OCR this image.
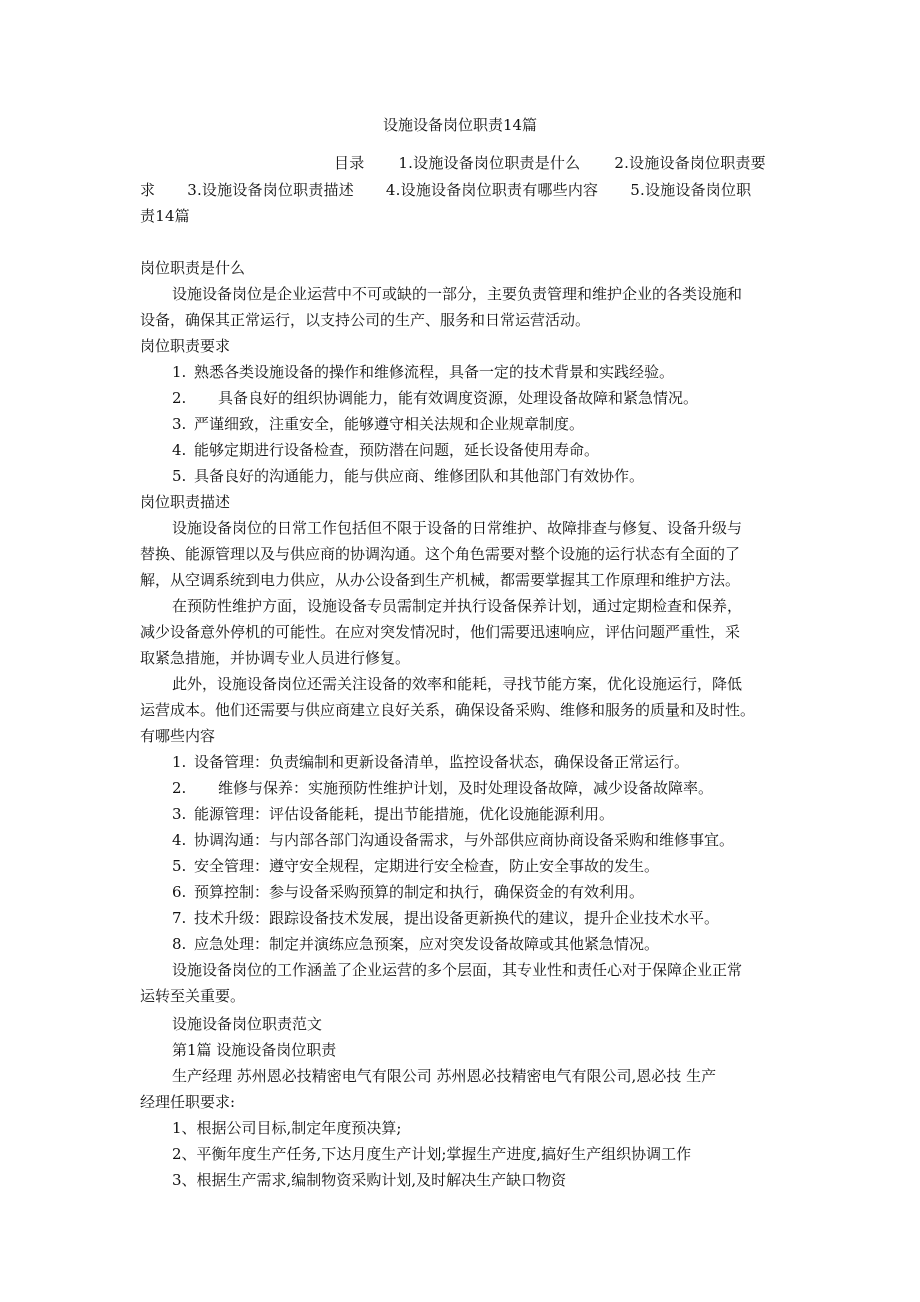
设施设备岗位职责14篇
目录 1.设施设备岗位职责是什么 2.设施设备岗位职责要
求 3.设施设备岗位职责描述 4.设施设备岗位职责有哪些内容 5.设施设备岗位职
责14篇
岗位职责是什么
设施设备岗位是企业运营中不可或缺的一部分，主要负责管理和维护企业的各类设施和
设备，确保其正常运行，以支持公司的生产、服务和日常运营活动。
岗位职责要求
1. 熟悉各类设施设备的操作和维修流程，具备一定的技术背景和实践经验。
2. 具备良好的组织协调能力，能有效调度资源，处理设备故障和紧急情况。
3. 严谨细致，注重安全，能够遵守相关法规和企业规章制度。
4. 能够定期进行设备检查，预防潜在问题，延长设备使用寿命。
5. 具备良好的沟通能力，能与供应商、维修团队和其他部门有效协作。
岗位职责描述
设施设备岗位的日常工作包括但不限于设备的日常维护、故障排查与修复、设备升级与
替换、能源管理以及与供应商的协调沟通。这个角色需要对整个设施的运行状态有全面的了
解，从空调系统到电力供应，从办公设备到生产机械，都需要掌握其工作原理和维护方法。
在预防性维护方面，设施设备专员需制定并执行设备保养计划，通过定期检查和保养，
减少设备意外停机的可能性。在应对突发情况时，他们需要迅速响应，评估问题严重性，采
取紧急措施，并协调专业人员进行修复。
此外，设施设备岗位还需关注设备的效率和能耗，寻找节能方案，优化设施运行，降低
运营成本。他们还需要与供应商建立良好关系，确保设备采购、维修和服务的质量和及时性。
有哪些内容
1. 设备管理：负责编制和更新设备清单，监控设备状态，确保设备正常运行。
2. 维修与保养：实施预防性维护计划，及时处理设备故障，减少设备故障率。
3. 能源管理：评估设备能耗，提出节能措施，优化设施能源利用。
4. 协调沟通：与内部各部门沟通设备需求，与外部供应商协商设备采购和维修事宜。
5. 安全管理：遵守安全规程，定期进行安全检查，防止安全事故的发生。
6. 预算控制：参与设备采购预算的制定和执行，确保资金的有效利用。
7. 技术升级：跟踪设备技术发展，提出设备更新换代的建议，提升企业技术水平。
8. 应急处理：制定并演练应急预案，应对突发设备故障或其他紧急情况。
设施设备岗位的工作涵盖了企业运营的多个层面，其专业性和责任心对于保障企业正常
运转至关重要。
设施设备岗位职责范文
第1篇 设施设备岗位职责
生产经理 苏州恩必技精密电气有限公司 苏州恩必技精密电气有限公司,恩必技 生产
经理任职要求:
1、根据公司目标,制定年度预决算;
2、平衡年度生产任务,下达月度生产计划;掌握生产进度,搞好生产组织协调工作
3、根据生产需求,编制物资采购计划,及时解决生产缺口物资
